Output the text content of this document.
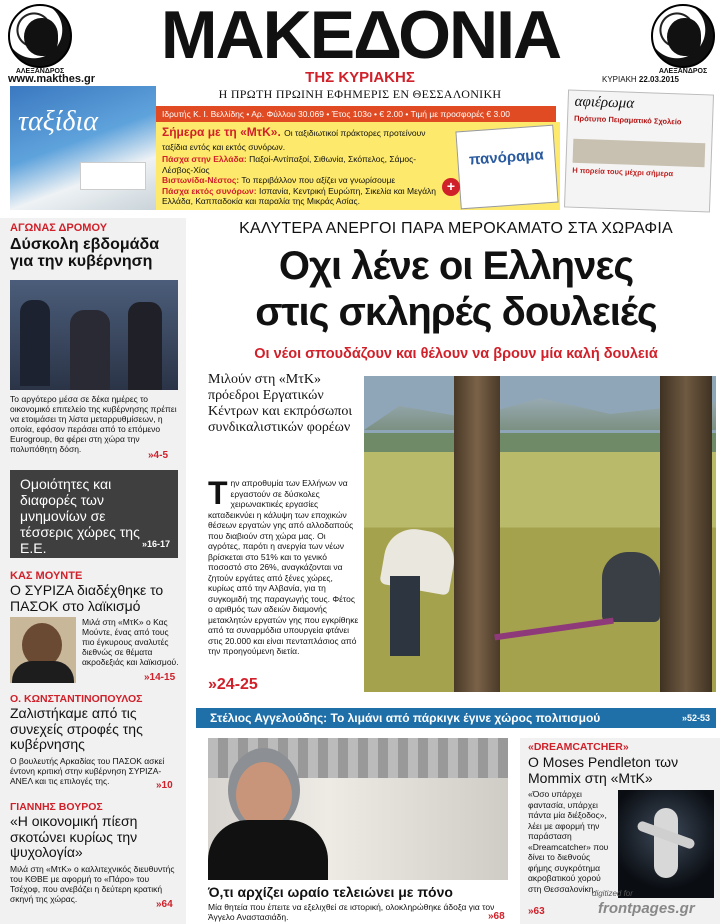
ΑΛΕΞΑΝΔΡΟΣ	ΑΛΕΞΑΝΔΡΟΣ
ΜΑΚΕΔΟΝΙΑ
ΤΗΣ ΚΥΡΙΑΚΗΣ
Η ΠΡΩΤΗ ΠΡΩΙΝΗ ΕΦΗΜΕΡΙΣ ΕΝ ΘΕΣΣΑΛΟΝΙΚΗ
www.makthes.gr	ΚΥΡΙΑΚΗ 22.03.2015
Ιδρυτής Κ. Ι. Βελλίδης • Αρ. Φύλλου 30.069 • Έτος 103ο • € 2.00 • Τιμή με προσφορές € 3.00
ταξίδια	Σήμερα με τη «ΜτΚ». Οι ταξιδιωτικοί πράκτορες προτείνουν ταξίδια εντός και εκτός συνόρων.
Πάσχα στην Ελλάδα: Παξοί-Αντίπαξοί, Σιθωνία, Σκόπελος, Σάμος-Λέσβος-Χίος
Βιστωνίδα-Νέστος: Το περιβάλλον που αξίζει να γνωρίσουμε
Πάσχα εκτός συνόρων: Ισπανία, Κεντρική Ευρώπη, Σικελία και Μεγάλη Ελλάδα, Καππαδοκία και παραλία της Μικράς Ασίας.
πανόραμα
+
αφιέρωμα
Πρότυπο Πειραματικό Σχολείο
Η πορεία τους μέχρι σήμερα
ΑΓΩΝΑΣ ΔΡΟΜΟΥ
Δύσκολη εβδομάδα για την κυβέρνηση
Το αργότερο μέσα σε δέκα ημέρες το οικονομικό επιτελείο της κυβέρνησης πρέπει να ετοιμάσει τη λίστα μεταρρυθμίσεων, η οποία, εφόσον περάσει από το επόμενο Eurogroup, θα φέρει στη χώρα την πολυπόθητη δόση.
»4-5
Ομοιότητες και διαφορές των μνημονίων σε τέσσερις χώρες της Ε.Ε.	»16-17
ΚΑΣ ΜΟΥΝΤΕ
Ο ΣΥΡΙΖΑ διαδέχθηκε το ΠΑΣΟΚ στο λαϊκισμό
Μιλά στη «ΜτΚ» ο Κας Μούντε, ένας από τους πιο έγκυρους αναλυτές διεθνώς σε θέματα ακροδεξιάς και λαϊκισμού.
»14-15
Ο. ΚΩΝΣΤΑΝΤΙΝΟΠΟΥΛΟΣ
Ζαλιστήκαμε από τις συνεχείς στροφές της κυβέρνησης
Ο βουλευτής Αρκαδίας του ΠΑΣΟΚ ασκεί έντονη κριτική στην κυβέρνηση ΣΥΡΙΖΑ-ΑΝΕΛ και τις επιλογές της.	»10
ΓΙΑΝΝΗΣ ΒΟΥΡΟΣ
«Η οικονομική πίεση σκοτώνει κυρίως την ψυχολογία»
Μιλά στη «ΜτΚ» ο καλλιτεχνικός διευθυντής του ΚΘΒΕ με αφορμή το «Πάρο» του Τσέχοφ, που ανεβάζει η δεύτερη κρατική σκηνή της χώρας.	»64
ΚΑΛΥΤΕΡΑ ΑΝΕΡΓΟΙ ΠΑΡΑ ΜΕΡΟΚΑΜΑΤΟ ΣΤΑ ΧΩΡΑΦΙΑ
Οχι λένε οι Ελληνες
στις σκληρές δουλειές
Οι νέοι σπουδάζουν και θέλουν να βρουν μία καλή δουλειά
Μιλούν στη «ΜτΚ» πρόεδροι Εργατικών Κέντρων και εκπρόσωποι συνδικαλιστικών φορέων
Την απροθυμία των Ελλήνων να εργαστούν σε δύσκολες χειρωνακτικές εργασίες καταδεικνύει η κάλυψη των εποχικών θέσεων εργατών γης από αλλοδαπούς που διαβιούν στη χώρα μας. Οι αγρότες, παρότι η ανεργία των νέων βρίσκεται στο 51% και το γενικό ποσοστό στο 26%, αναγκάζονται να ζητούν εργάτες από ξένες χώρες, κυρίως από την Αλβανία, για τη συγκομιδή της παραγωγής τους. Φέτος ο αριθμός των αδειών διαμονής μετακλητών εργατών γης που εγκρίθηκε από τα συναρμόδια υπουργεία φτάνει στις 20.000 και είναι πενταπλάσιος από την προηγούμενη διετία.
»24-25
Στέλιος Αγγελούδης: Το λιμάνι από πάρκιγκ έγινε χώρος πολιτισμού	»52-53
Ό,τι αρχίζει ωραίο τελειώνει με πόνο
Μία θητεία που έπειτε να εξελιχθεί σε ιστορική, ολοκληρώθηκε άδοξα για τον Άγγελο Αναστασιάδη.	»68
«DREAMCATCHER»
Ο Moses Pendleton των Mommix στη «ΜτΚ»
«Όσο υπάρχει φαντασία, υπάρχει πάντα μία διέξοδος», λέει με αφορμή την παράσταση «Dreamcatcher» που δίνει το διεθνούς φήμης συγκρότημα ακροβατικού χορού στη Θεσσαλονίκη.
»63
digitized for
frontpages.gr
